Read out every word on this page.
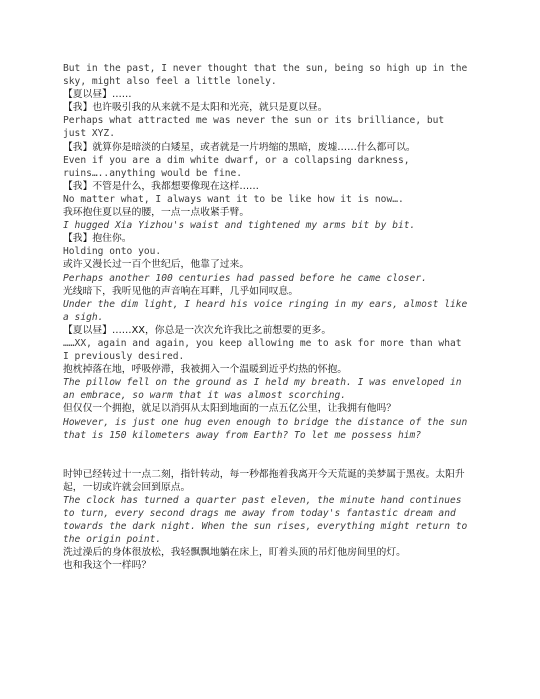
But in the past, I never thought that the sun, being so high up in the sky, might also feel a little lonely.
【夏以昼】……
【我】也许吸引我的从来就不是太阳和光亮，就只是夏以昼。
Perhaps what attracted me was never the sun or its brilliance, but just XYZ.
【我】就算你是暗淡的白矮星，或者就是一片坍缩的黑暗，废墟……什么都可以。
Even if you are a dim white dwarf, or a collapsing darkness, ruins…..anything would be fine.
【我】不管是什么，我都想要像现在这样……
No matter what, I always want it to be like how it is now….
我环抱住夏以昼的腰，一点一点收紧手臂。
I hugged Xia Yizhou's waist and tightened my arms bit by bit.
【我】抱住你。
Holding onto you.
或许又漫长过一百个世纪后，他靠了过来。
Perhaps another 100 centuries had passed before he came closer.
光线暗下，我听见他的声音响在耳畔，几乎如同叹息。
Under the dim light, I heard his voice ringing in my ears, almost like a sigh.
【夏以昼】……XX，你总是一次次允许我比之前想要的更多。
……XX, again and again, you keep allowing me to ask for more than what I previously desired.
抱枕掉落在地，呼吸停滞，我被拥入一个温暖到近乎灼热的怀抱。
The pillow fell on the ground as I held my breath. I was enveloped in an embrace, so warm that it was almost scorching.
但仅仅一个拥抱，就足以消弭从太阳到地面的一点五亿公里，让我拥有他吗？
However, is just one hug even enough to bridge the distance of the sun that is 150 kilometers away from Earth? To let me possess him?
时钟已经转过十一点二刻，指针转动，每一秒都拖着我离开今天荒诞的美梦属于黑夜。太阳升起，一切或许就会回到原点。
The clock has turned a quarter past eleven, the minute hand continues to turn, every second drags me away from today's fantastic dream and towards the dark night. When the sun rises, everything might return to the origin point.
洗过澡后的身体很放松，我轻飘飘地躺在床上，盯着头顶的吊灯他房间里的灯。
也和我这个一样吗？
